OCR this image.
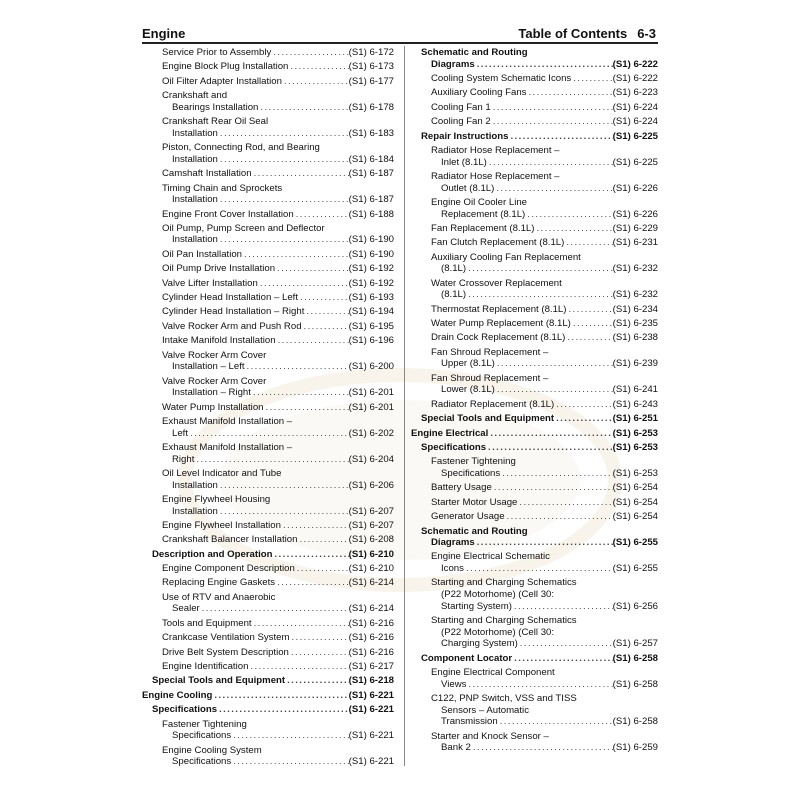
Engine	Table of Contents 6-3
Service Prior to Assembly .....	(S1) 6-172
Engine Block Plug Installation .....	(S1) 6-173
Oil Filter Adapter Installation .....	(S1) 6-177
Crankshaft and
Bearings Installation .....	(S1) 6-178
Crankshaft Rear Oil Seal
Installation .....	(S1) 6-183
Piston, Connecting Rod, and Bearing
Installation .....	(S1) 6-184
Camshaft Installation .....	(S1) 6-187
Timing Chain and Sprockets
Installation .....	(S1) 6-187
Engine Front Cover Installation .....	(S1) 6-188
Oil Pump, Pump Screen and Deflector
Installation .....	(S1) 6-190
Oil Pan Installation .....	(S1) 6-190
Oil Pump Drive Installation .....	(S1) 6-192
Valve Lifter Installation .....	(S1) 6-192
Cylinder Head Installation – Left .....	(S1) 6-193
Cylinder Head Installation – Right .....	(S1) 6-194
Valve Rocker Arm and Push Rod .....	(S1) 6-195
Intake Manifold Installation .....	(S1) 6-196
Valve Rocker Arm Cover
Installation – Left .....	(S1) 6-200
Valve Rocker Arm Cover
Installation – Right .....	(S1) 6-201
Water Pump Installation .....	(S1) 6-201
Exhaust Manifold Installation –
Left .....	(S1) 6-202
Exhaust Manifold Installation –
Right .....	(S1) 6-204
Oil Level Indicator and Tube
Installation .....	(S1) 6-206
Engine Flywheel Housing
Installation .....	(S1) 6-207
Engine Flywheel Installation .....	(S1) 6-207
Crankshaft Balancer Installation .....	(S1) 6-208
Description and Operation .....	(S1) 6-210
Engine Component Description .....	(S1) 6-210
Replacing Engine Gaskets .....	(S1) 6-214
Use of RTV and Anaerobic
Sealer .....	(S1) 6-214
Tools and Equipment .....	(S1) 6-216
Crankcase Ventilation System .....	(S1) 6-216
Drive Belt System Description .....	(S1) 6-216
Engine Identification .....	(S1) 6-217
Special Tools and Equipment .....	(S1) 6-218
Engine Cooling .....	(S1) 6-221
Specifications .....	(S1) 6-221
Fastener Tightening
Specifications .....	(S1) 6-221
Engine Cooling System
Specifications .....	(S1) 6-221
Schematic and Routing
Diagrams .....	(S1) 6-222
Cooling System Schematic Icons .....	(S1) 6-222
Auxiliary Cooling Fans .....	(S1) 6-223
Cooling Fan 1 .....	(S1) 6-224
Cooling Fan 2 .....	(S1) 6-224
Repair Instructions .....	(S1) 6-225
Radiator Hose Replacement –
Inlet (8.1L) .....	(S1) 6-225
Radiator Hose Replacement –
Outlet (8.1L) .....	(S1) 6-226
Engine Oil Cooler Line
Replacement (8.1L) .....	(S1) 6-226
Fan Replacement (8.1L) .....	(S1) 6-229
Fan Clutch Replacement (8.1L) .....	(S1) 6-231
Auxiliary Cooling Fan Replacement
(8.1L) .....	(S1) 6-232
Water Crossover Replacement
(8.1L) .....	(S1) 6-232
Thermostat Replacement (8.1L) .....	(S1) 6-234
Water Pump Replacement (8.1L) .....	(S1) 6-235
Drain Cock Replacement (8.1L) .....	(S1) 6-238
Fan Shroud Replacement –
Upper (8.1L) .....	(S1) 6-239
Fan Shroud Replacement –
Lower (8.1L) .....	(S1) 6-241
Radiator Replacement (8.1L) .....	(S1) 6-243
Special Tools and Equipment .....	(S1) 6-251
Engine Electrical .....	(S1) 6-253
Specifications .....	(S1) 6-253
Fastener Tightening
Specifications .....	(S1) 6-253
Battery Usage .....	(S1) 6-254
Starter Motor Usage .....	(S1) 6-254
Generator Usage .....	(S1) 6-254
Schematic and Routing
Diagrams .....	(S1) 6-255
Engine Electrical Schematic
Icons .....	(S1) 6-255
Starting and Charging Schematics
(P22 Motorhome) (Cell 30:
Starting System) .....	(S1) 6-256
Starting and Charging Schematics
(P22 Motorhome) (Cell 30:
Charging System) .....	(S1) 6-257
Component Locator .....	(S1) 6-258
Engine Electrical Component
Views .....	(S1) 6-258
C122, PNP Switch, VSS and TISS
Sensors – Automatic
Transmission .....	(S1) 6-258
Starter and Knock Sensor –
Bank 2 .....	(S1) 6-259
